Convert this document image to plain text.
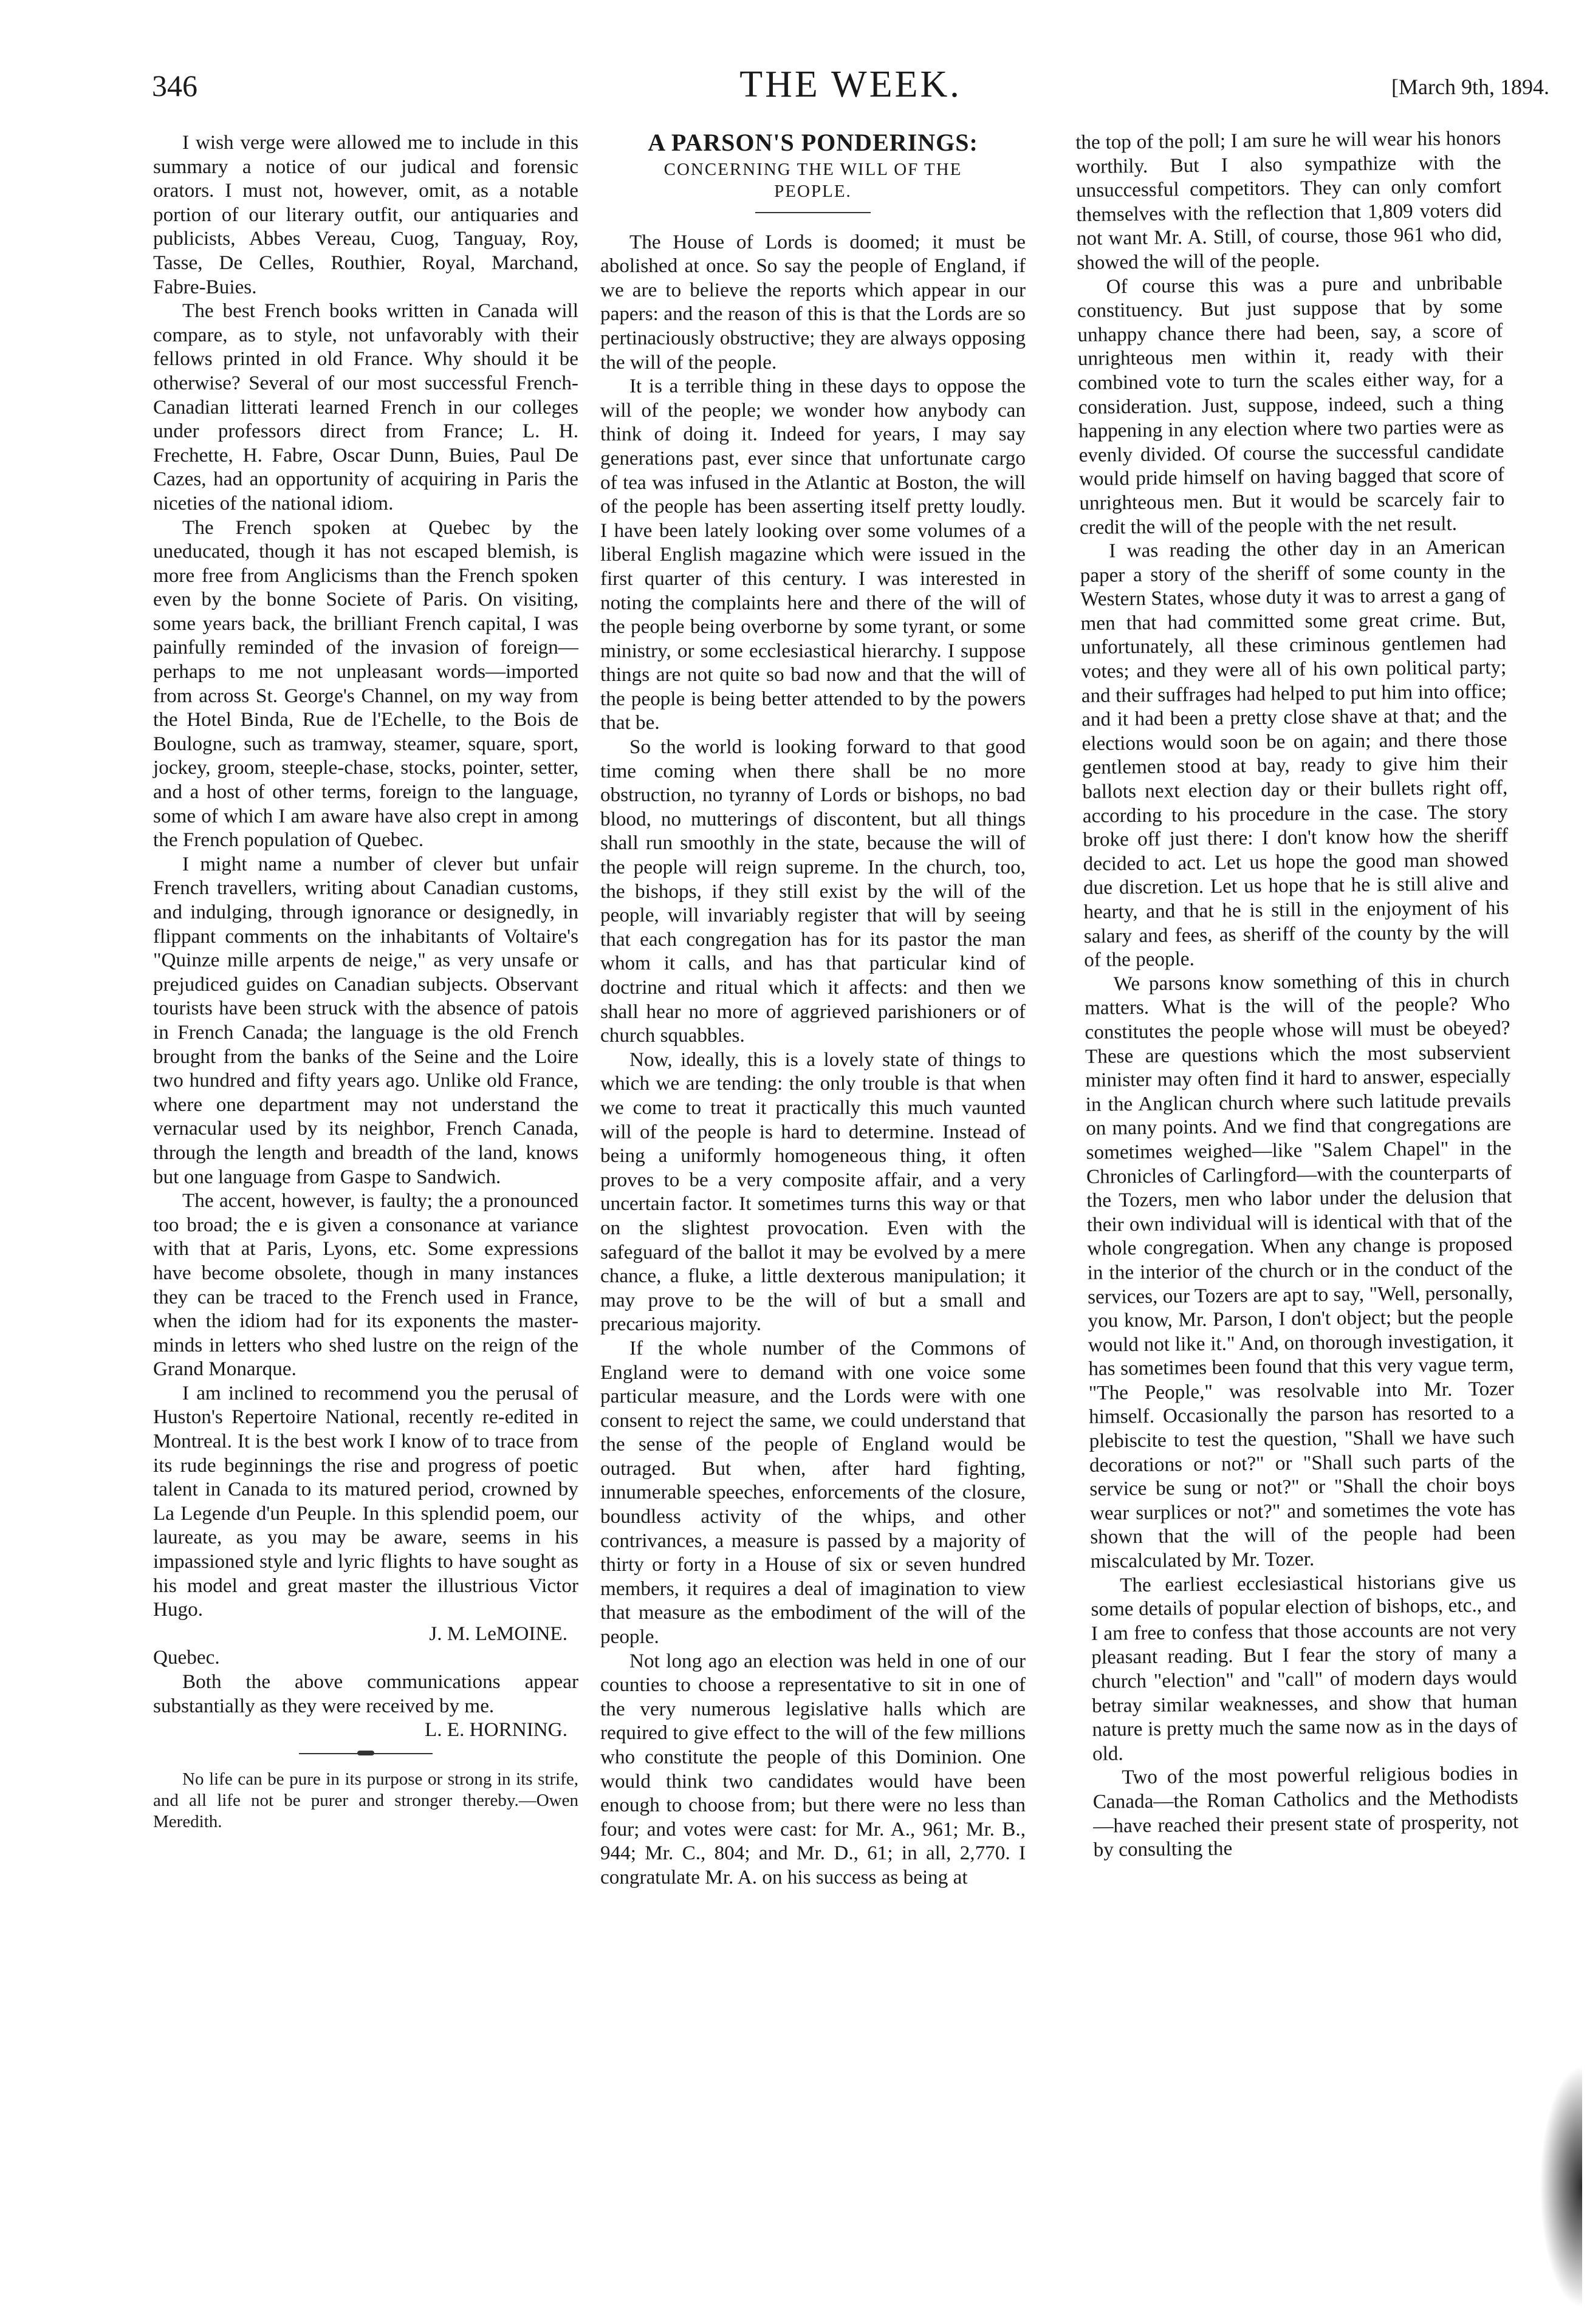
346	THE WEEK.	[March 9th, 1894.

I wish verge were allowed me to include in this summary a notice of our judical and forensic orators. I must not, however, omit, as a notable portion of our literary outfit, our antiquaries and publicists, Abbes Vereau, Cuog, Tanguay, Roy, Tasse, De Celles, Routhier, Royal, Marchand, Fabre-Buies.

The best French books written in Canada will compare, as to style, not unfavorably with their fellows printed in old France. Why should it be otherwise? Several of our most successful French-Canadian litterati learned French in our colleges under professors direct from France; L. H. Frechette, H. Fabre, Oscar Dunn, Buies, Paul De Cazes, had an opportunity of acquiring in Paris the niceties of the national idiom.

The French spoken at Quebec by the uneducated, though it has not escaped blemish, is more free from Anglicisms than the French spoken even by the bonne Societe of Paris. On visiting, some years back, the brilliant French capital, I was painfully reminded of the invasion of foreign—perhaps to me not unpleasant words—imported from across St. George's Channel, on my way from the Hotel Binda, Rue de l'Echelle, to the Bois de Boulogne, such as tramway, steamer, square, sport, jockey, groom, steeple-chase, stocks, pointer, setter, and a host of other terms, foreign to the language, some of which I am aware have also crept in among the French population of Quebec.

I might name a number of clever but unfair French travellers, writing about Canadian customs, and indulging, through ignorance or designedly, in flippant comments on the inhabitants of Voltaire's "Quinze mille arpents de neige," as very unsafe or prejudiced guides on Canadian subjects. Observant tourists have been struck with the absence of patois in French Canada; the language is the old French brought from the banks of the Seine and the Loire two hundred and fifty years ago. Unlike old France, where one department may not understand the vernacular used by its neighbor, French Canada, through the length and breadth of the land, knows but one language from Gaspe to Sandwich.

The accent, however, is faulty; the a pronounced too broad; the e is given a consonance at variance with that at Paris, Lyons, etc. Some expressions have become obsolete, though in many instances they can be traced to the French used in France, when the idiom had for its exponents the master-minds in letters who shed lustre on the reign of the Grand Monarque.

I am inclined to recommend you the perusal of Huston's Repertoire National, recently re-edited in Montreal. It is the best work I know of to trace from its rude beginnings the rise and progress of poetic talent in Canada to its matured period, crowned by La Legende d'un Peuple. In this splendid poem, our laureate, as you may be aware, seems in his impassioned style and lyric flights to have sought as his model and great master the illustrious Victor Hugo.

J. M. LeMOINE.

Quebec.

Both the above communications appear substantially as they were received by me.

L. E. HORNING.

No life can be pure in its purpose or strong in its strife, and all life not be purer and stronger thereby.—Owen Meredith.

A PARSON'S PONDERINGS:
CONCERNING THE WILL OF THE PEOPLE.

The House of Lords is doomed; it must be abolished at once. So say the people of England, if we are to believe the reports which appear in our papers: and the reason of this is that the Lords are so pertinaciously obstructive; they are always opposing the will of the people.

It is a terrible thing in these days to oppose the will of the people; we wonder how anybody can think of doing it. Indeed for years, I may say generations past, ever since that unfortunate cargo of tea was infused in the Atlantic at Boston, the will of the people has been asserting itself pretty loudly. I have been lately looking over some volumes of a liberal English magazine which were issued in the first quarter of this century. I was interested in noting the complaints here and there of the will of the people being overborne by some tyrant, or some ministry, or some ecclesiastical hierarchy. I suppose things are not quite so bad now and that the will of the people is being better attended to by the powers that be.

So the world is looking forward to that good time coming when there shall be no more obstruction, no tyranny of Lords or bishops, no bad blood, no mutterings of discontent, but all things shall run smoothly in the state, because the will of the people will reign supreme. In the church, too, the bishops, if they still exist by the will of the people, will invariably register that will by seeing that each congregation has for its pastor the man whom it calls, and has that particular kind of doctrine and ritual which it affects: and then we shall hear no more of aggrieved parishioners or of church squabbles.

Now, ideally, this is a lovely state of things to which we are tending: the only trouble is that when we come to treat it practically this much vaunted will of the people is hard to determine. Instead of being a uniformly homogeneous thing, it often proves to be a very composite affair, and a very uncertain factor. It sometimes turns this way or that on the slightest provocation. Even with the safeguard of the ballot it may be evolved by a mere chance, a fluke, a little dexterous manipulation; it may prove to be the will of but a small and precarious majority.

If the whole number of the Commons of England were to demand with one voice some particular measure, and the Lords were with one consent to reject the same, we could understand that the sense of the people of England would be outraged. But when, after hard fighting, innumerable speeches, enforcements of the closure, boundless activity of the whips, and other contrivances, a measure is passed by a majority of thirty or forty in a House of six or seven hundred members, it requires a deal of imagination to view that measure as the embodiment of the will of the people.

Not long ago an election was held in one of our counties to choose a representative to sit in one of the very numerous legislative halls which are required to give effect to the will of the few millions who constitute the people of this Dominion. One would think two candidates would have been enough to choose from; but there were no less than four; and votes were cast: for Mr. A., 961; Mr. B., 944; Mr. C., 804; and Mr. D., 61; in all, 2,770. I congratulate Mr. A. on his success as being at

the top of the poll; I am sure he will wear his honors worthily. But I also sympathize with the unsuccessful competitors. They can only comfort themselves with the reflection that 1,809 voters did not want Mr. A. Still, of course, those 961 who did, showed the will of the people.

Of course this was a pure and unbribable constituency. But just suppose that by some unhappy chance there had been, say, a score of unrighteous men within it, ready with their combined vote to turn the scales either way, for a consideration. Just, suppose, indeed, such a thing happening in any election where two parties were as evenly divided. Of course the successful candidate would pride himself on having bagged that score of unrighteous men. But it would be scarcely fair to credit the will of the people with the net result.

I was reading the other day in an American paper a story of the sheriff of some county in the Western States, whose duty it was to arrest a gang of men that had committed some great crime. But, unfortunately, all these criminous gentlemen had votes; and they were all of his own political party; and their suffrages had helped to put him into office; and it had been a pretty close shave at that; and the elections would soon be on again; and there those gentlemen stood at bay, ready to give him their ballots next election day or their bullets right off, according to his procedure in the case. The story broke off just there: I don't know how the sheriff decided to act. Let us hope the good man showed due discretion. Let us hope that he is still alive and hearty, and that he is still in the enjoyment of his salary and fees, as sheriff of the county by the will of the people.

We parsons know something of this in church matters. What is the will of the people? Who constitutes the people whose will must be obeyed? These are questions which the most subservient minister may often find it hard to answer, especially in the Anglican church where such latitude prevails on many points. And we find that congregations are sometimes weighed—like "Salem Chapel" in the Chronicles of Carlingford—with the counterparts of the Tozers, men who labor under the delusion that their own individual will is identical with that of the whole congregation. When any change is proposed in the interior of the church or in the conduct of the services, our Tozers are apt to say, "Well, personally, you know, Mr. Parson, I don't object; but the people would not like it." And, on thorough investigation, it has sometimes been found that this very vague term, "The People," was resolvable into Mr. Tozer himself. Occasionally the parson has resorted to a plebiscite to test the question, "Shall we have such decorations or not?" or "Shall such parts of the service be sung or not?" or "Shall the choir boys wear surplices or not?" and sometimes the vote has shown that the will of the people had been miscalculated by Mr. Tozer.

The earliest ecclesiastical historians give us some details of popular election of bishops, etc., and I am free to confess that those accounts are not very pleasant reading. But I fear the story of many a church "election" and "call" of modern days would betray similar weaknesses, and show that human nature is pretty much the same now as in the days of old.

Two of the most powerful religious bodies in Canada—the Roman Catholics and the Methodists—have reached their present state of prosperity, not by consulting the
